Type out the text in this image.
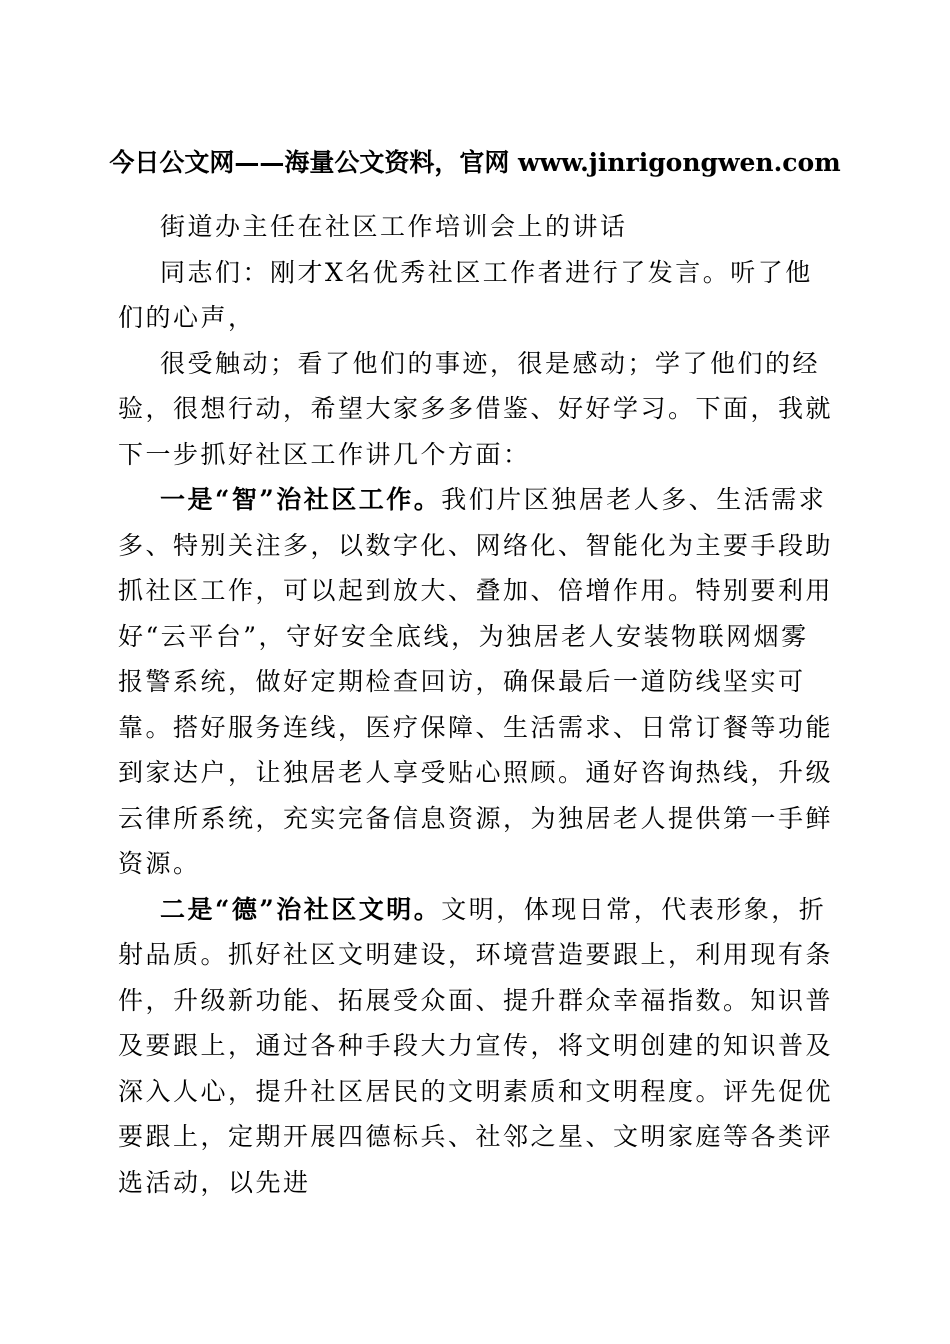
今日公文网——海量公文资料，官网 www.jinrigongwen.com

街道办主任在社区工作培训会上的讲话

同志们：刚才X名优秀社区工作者进行了发言。听了他们的心声，

很受触动；看了他们的事迹，很是感动；学了他们的经验，很想行动，希望大家多多借鉴、好好学习。下面，我就下一步抓好社区工作讲几个方面：

一是“智”治社区工作。我们片区独居老人多、生活需求多、特别关注多，以数字化、网络化、智能化为主要手段助抓社区工作，可以起到放大、叠加、倍增作用。特别要利用好“云平台”，守好安全底线，为独居老人安装物联网烟雾报警系统，做好定期检查回访，确保最后一道防线坚实可靠。搭好服务连线，医疗保障、生活需求、日常订餐等功能到家达户，让独居老人享受贴心照顾。通好咨询热线，升级云律所系统，充实完备信息资源，为独居老人提供第一手鲜资源。

二是“德”治社区文明。文明，体现日常，代表形象，折射品质。抓好社区文明建设，环境营造要跟上，利用现有条件，升级新功能、拓展受众面、提升群众幸福指数。知识普及要跟上，通过各种手段大力宣传，将文明创建的知识普及深入人心，提升社区居民的文明素质和文明程度。评先促优要跟上，定期开展四德标兵、社邻之星、文明家庭等各类评选活动，以先进
